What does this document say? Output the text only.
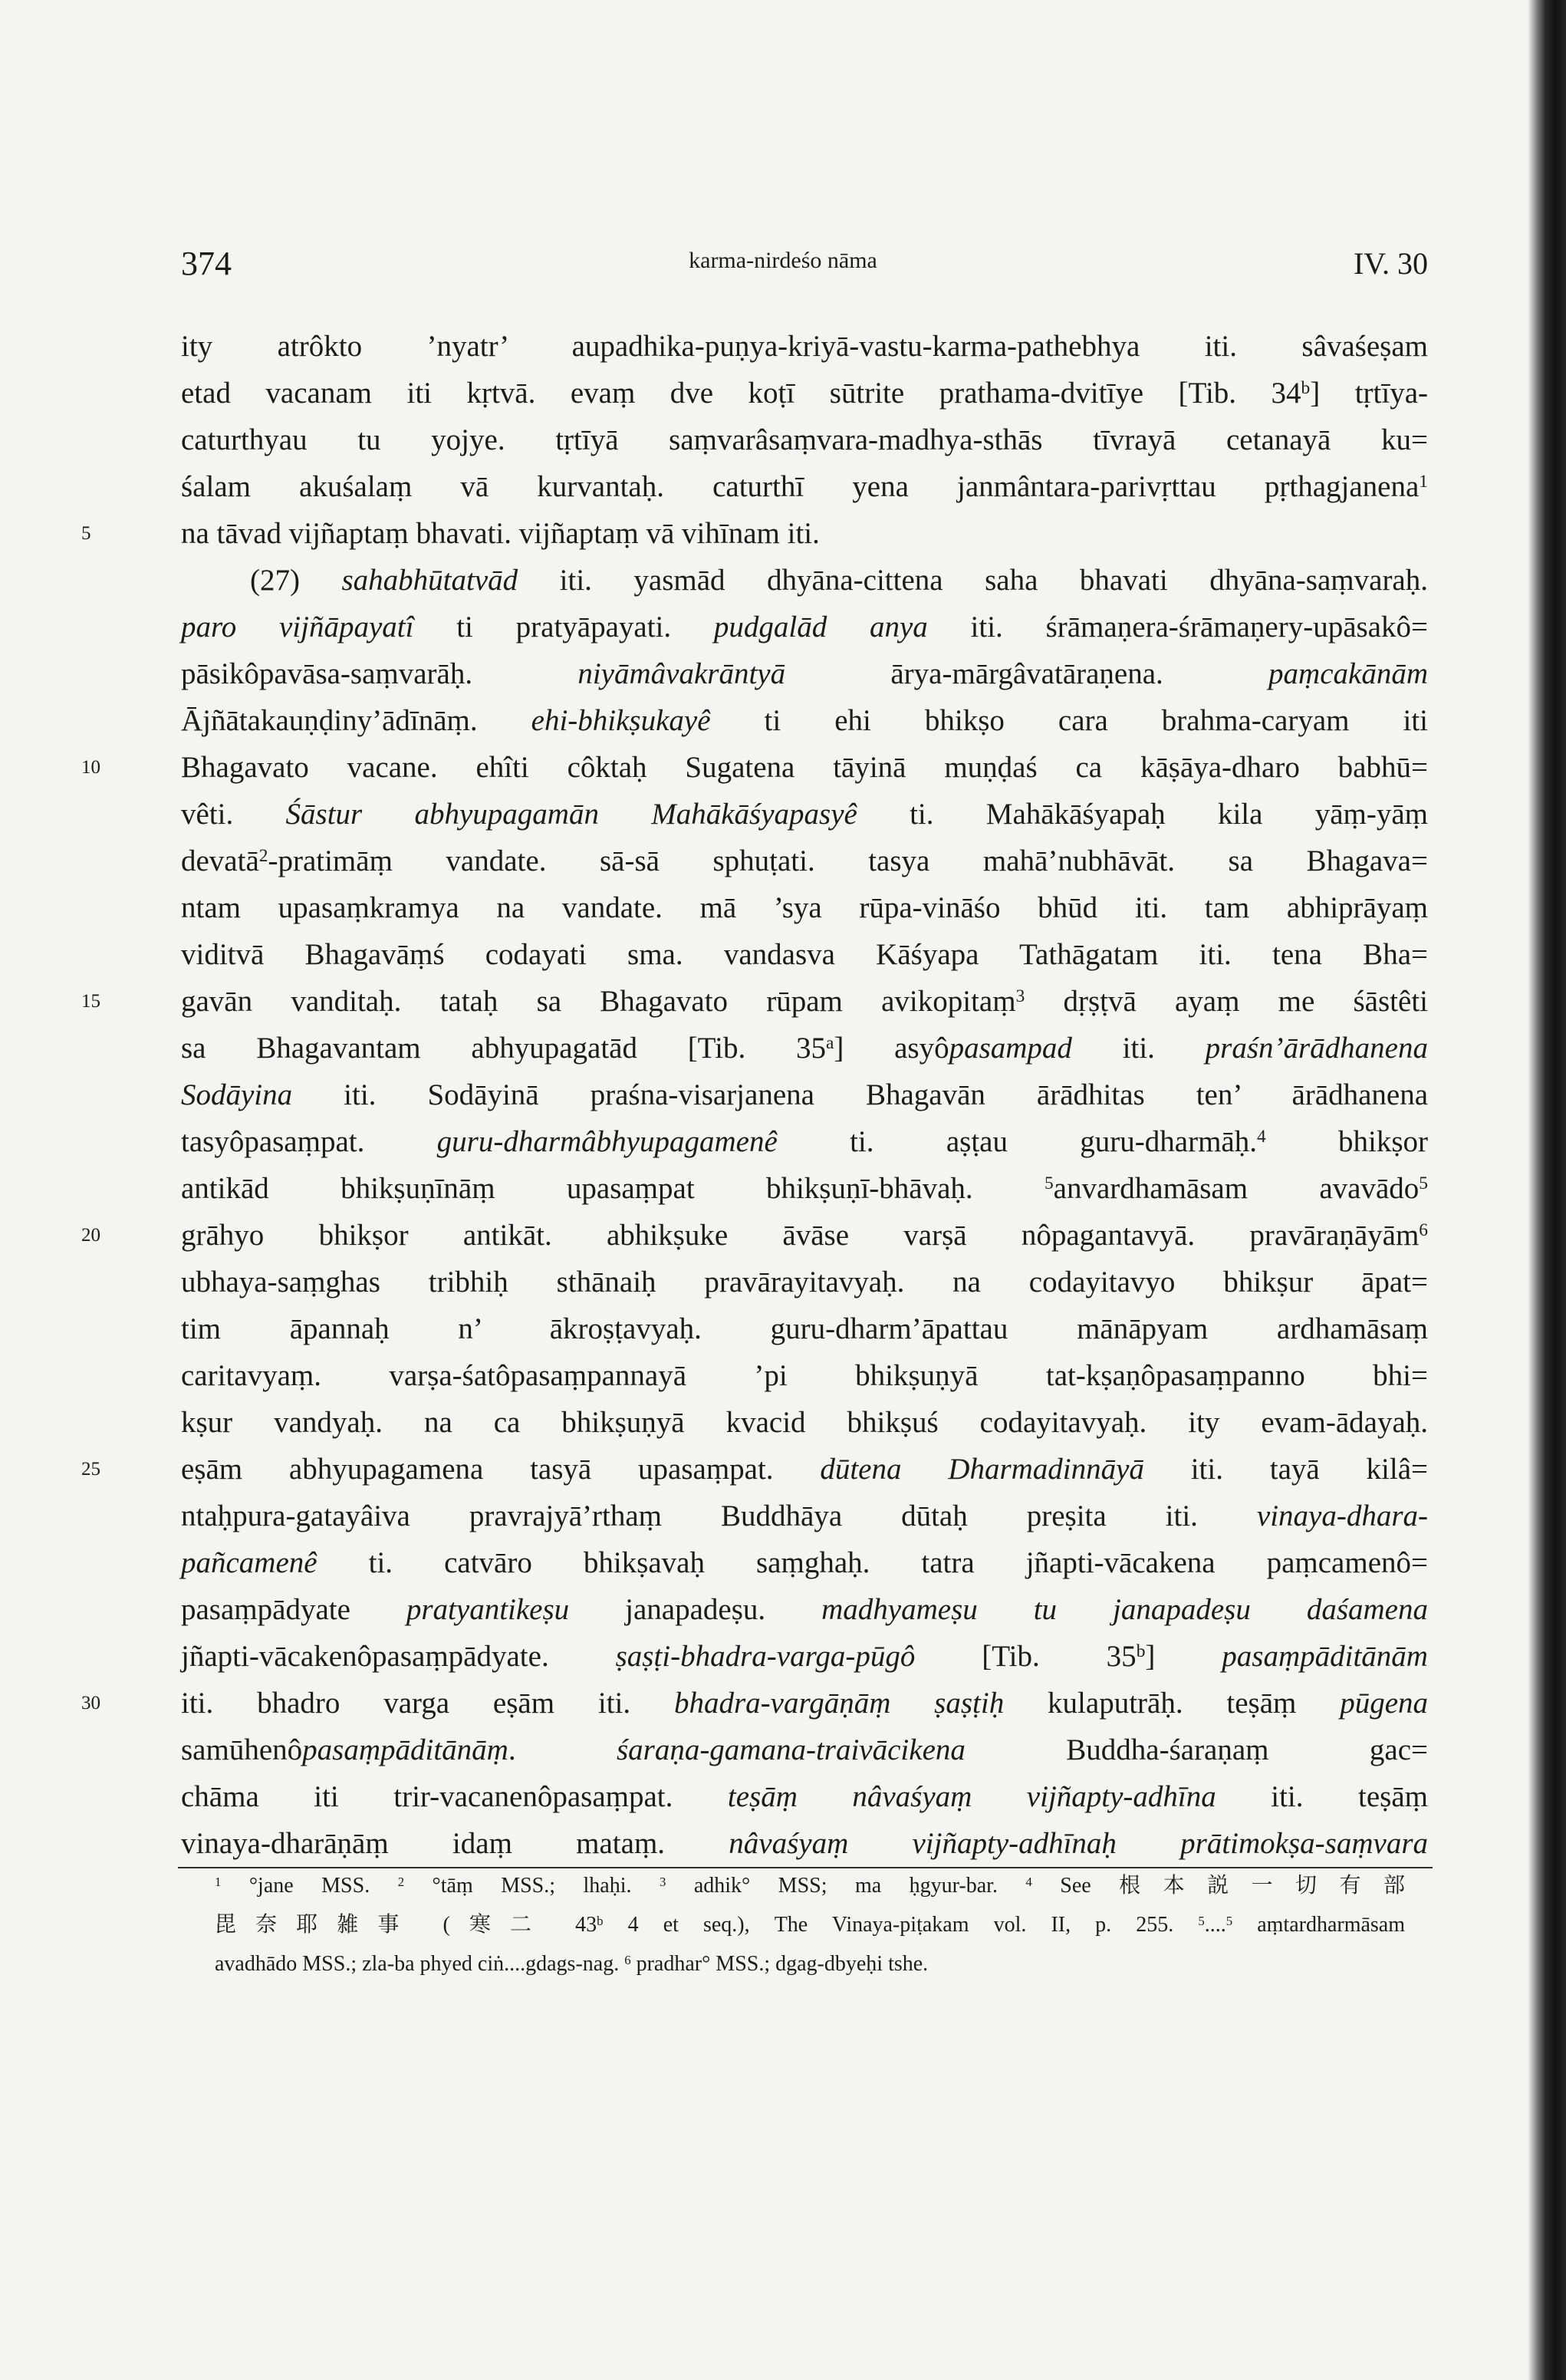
374	karma-nirdeśo nāma	IV. 30
ity atrôkto ’nyatr’ aupadhika-puṇya-kriyā-vastu-karma-pathebhya iti. sâvaśeṣam
etad vacanam iti kṛtvā. evaṃ dve koṭī sūtrite prathama-dvitīye [Tib. 34$^b$] tṛtīya-
caturthyau tu yojye. tṛtīyā saṃvarâsaṃvara-madhya-sthās tīvrayā cetanayā ku=
śalam akuśalaṃ vā kurvantaḥ. caturthī yena janmântara-parivṛttau pṛthagjanena$^1$
5	na tāvad vijñaptaṃ bhavati. vijñaptaṃ vā vihīnam iti.
(27) sahabhūtatvād iti. yasmād dhyāna-cittena saha bhavati dhyāna-saṃvaraḥ.
paro vijñāpayatî ti pratyāpayati. pudgalād anya iti. śrāmaṇera-śrāmaṇery-upāsakô=
pāsikôpavāsa-saṃvarāḥ. niyāmâvakrāntyā ārya-mārgâvatāraṇena. paṃcakānām
Ājñātakauṇḍiny’ādīnāṃ. ehi-bhikṣukayê ti ehi bhikṣo cara brahma-caryam iti
10	Bhagavato vacane. ehîti côktaḥ Sugatena tāyinā muṇḍaś ca kāṣāya-dharo babhū=
vêti. Śāstur abhyupagamān Mahākāśyapasyê ti. Mahākāśyapaḥ kila yāṃ-yāṃ
devatā$^2$-pratimāṃ vandate. sā-sā sphuṭati. tasya mahā’nubhāvāt. sa Bhagava=
ntam upasaṃkramya na vandate. mā ’sya rūpa-vināśo bhūd iti. tam abhiprāyaṃ
viditvā Bhagavāṃś codayati sma. vandasva Kāśyapa Tathāgatam iti. tena Bha=
15	gavān vanditaḥ. tataḥ sa Bhagavato rūpam avikopitaṃ$^3$ dṛṣṭvā ayaṃ me śāstêti
sa Bhagavantam abhyupagatād [Tib. 35$^a$] asyôpasampad iti. praśn’ārādhanena
Sodāyina iti. Sodāyinā praśna-visarjanena Bhagavān ārādhitas ten’ ārādhanena
tasyôpasaṃpat. guru-dharmâbhyupagamenê ti. aṣṭau guru-dharmāḥ.$^4$ bhikṣor
antikād bhikṣuṇīnāṃ upasaṃpat bhikṣuṇī-bhāvaḥ. $^5$anvardhamāsam avavādo$^5$
20	grāhyo bhikṣor antikāt. abhikṣuke āvāse varṣā nôpagantavyā. pravāraṇāyām$^6$
ubhaya-saṃghas tribhiḥ sthānaiḥ pravārayitavyaḥ. na codayitavyo bhikṣur āpat=
tim āpannaḥ n’ ākroṣṭavyaḥ. guru-dharm’āpattau mānāpyam ardhamāsaṃ
caritavyaṃ. varṣa-śatôpasaṃpannayā ’pi bhikṣuṇyā tat-kṣaṇôpasaṃpanno bhi=
kṣur vandyaḥ. na ca bhikṣuṇyā kvacid bhikṣuś codayitavyaḥ. ity evam-ādayaḥ.
25	eṣām abhyupagamena tasyā upasaṃpat. dūtena Dharmadinnāyā iti. tayā kilâ=
ntaḥpura-gatayâiva pravrajyā’rthaṃ Buddhāya dūtaḥ preṣita iti. vinaya-dhara-
pañcamenê ti. catvāro bhikṣavaḥ saṃghaḥ. tatra jñapti-vācakena paṃcamenô=
pasaṃpādyate pratyantikeṣu janapadeṣu. madhyameṣu tu janapadeṣu daśamena
jñapti-vācakenôpasaṃpādyate. ṣaṣṭi-bhadra-varga-pūgô [Tib. 35$^b$] pasaṃpāditānām
30	iti. bhadro varga eṣām iti. bhadra-vargāṇāṃ ṣaṣṭiḥ kulaputrāḥ. teṣāṃ pūgena
samūhenôpasaṃpāditānāṃ. śaraṇa-gamana-traivācikena Buddha-śaraṇaṃ gac=
chāma iti trir-vacanenôpasaṃpat. teṣāṃ nâvaśyaṃ vijñapty-adhīna iti. teṣāṃ
vinaya-dharāṇāṃ idaṃ mataṃ. nâvaśyaṃ vijñapty-adhīnaḥ prātimokṣa-saṃvara
$^1$ °jane MSS. $^2$ °tāṃ MSS.; lhaḥi. $^3$ adhik° MSS; ma ḥgyur-bar. $^4$ See 根本説一切有部
毘奈耶雑事 (寒二 43$^b$ 4 et seq.), The Vinaya-piṭakam vol. II, p. 255. $^5$....$^5$ aṃtardharmāsam
avadhādo MSS.; zla-ba phyed ciṅ....gdags-nag. $^6$ pradhar° MSS.; dgag-dbyeḥi tshe.
